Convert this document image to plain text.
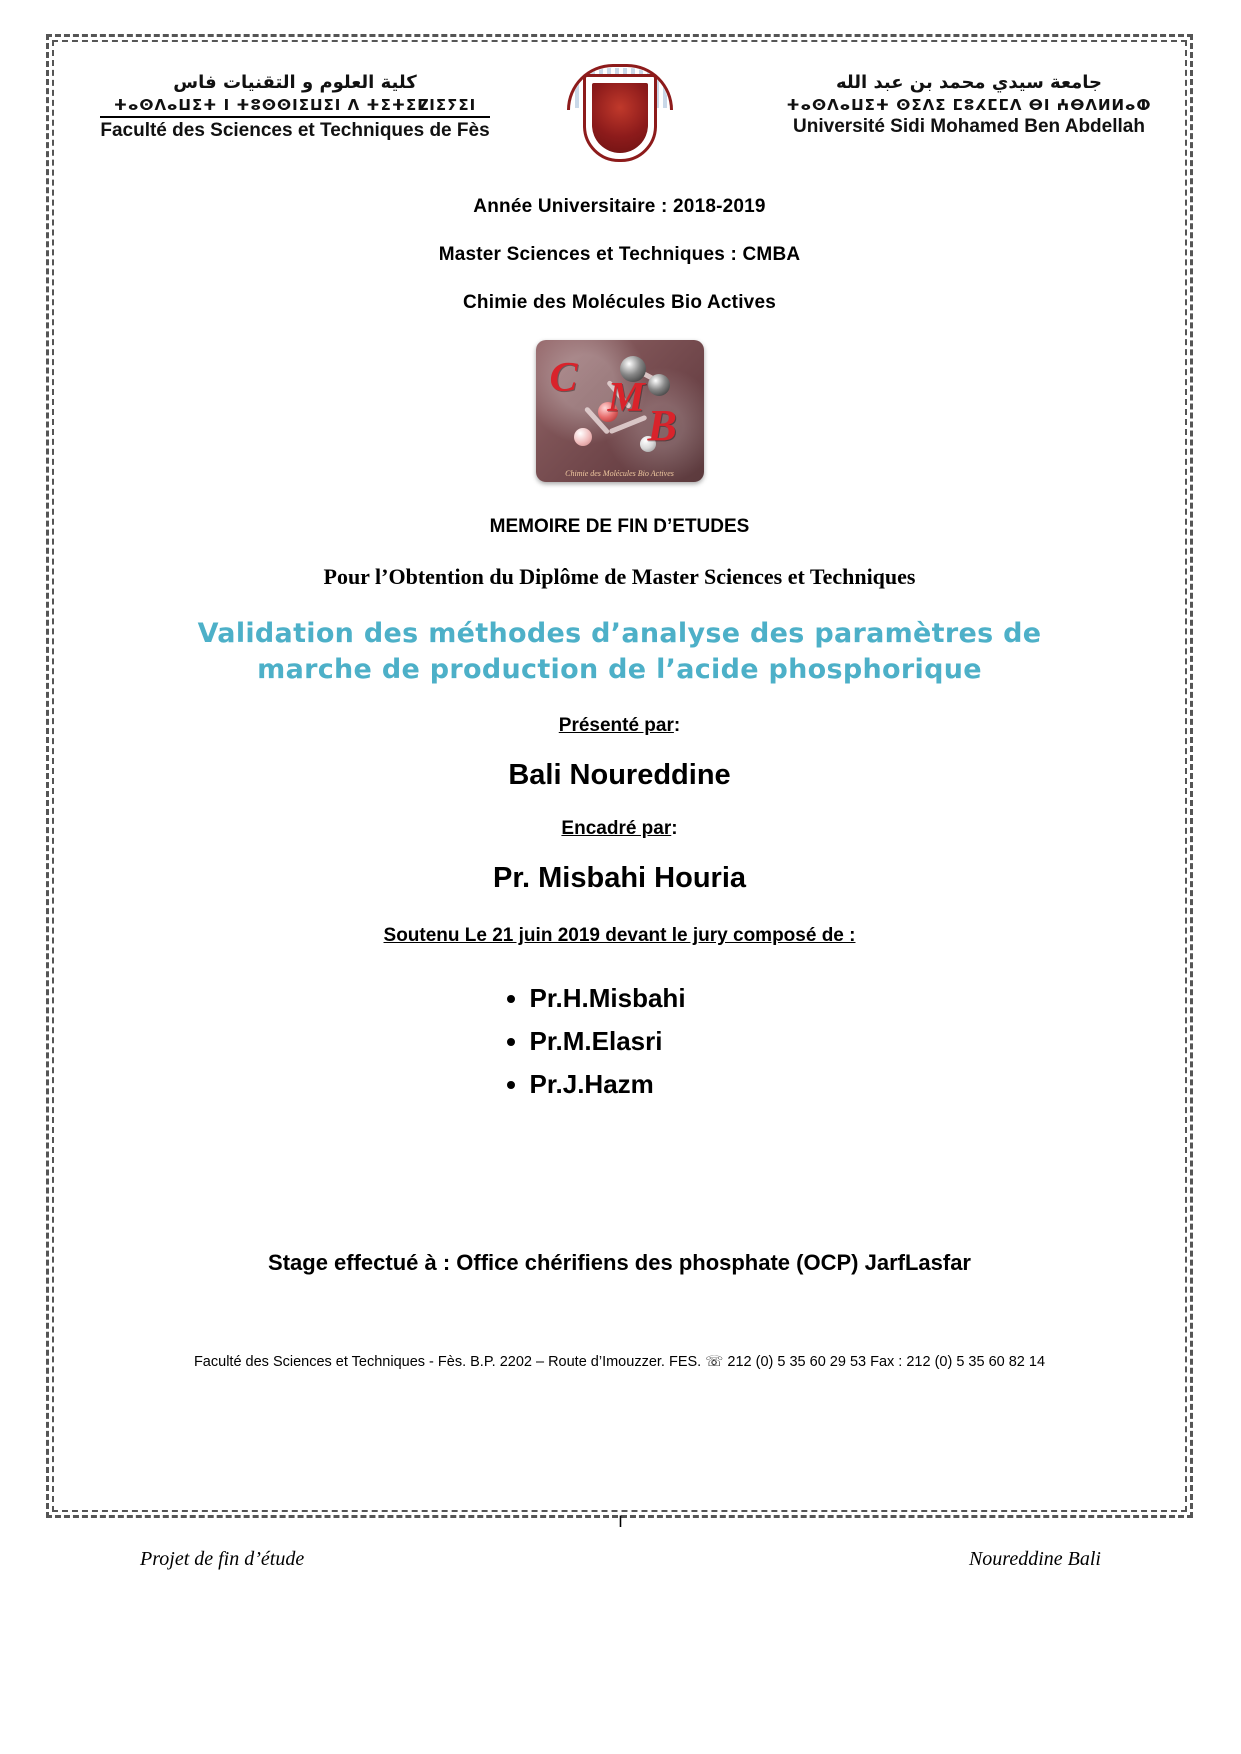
كلية العلوم و التقنيات فاس
ⵜⴰⵙⴷⴰⵡⵉⵜ ⵏ ⵜⵓⵙⵙⵏⵉⵡⵉⵏ ⴷ ⵜⵉⵜⵉⵇⵏⵉⵢⵉⵏ
Faculté des Sciences et Techniques de Fès
جامعة سيدي محمد بن عبد الله
ⵜⴰⵙⴷⴰⵡⵉⵜ ⵙⵉⴷⵉ ⵎⵓⵃⵎⵎⴷ ⴱⵏ ⵄⴱⴷⵍⵍⴰⵀ
Université Sidi Mohamed Ben Abdellah

Année Universitaire : 2018-2019

Master Sciences et Techniques : CMBA

Chimie des Molécules Bio Actives

C M
B
Chimie des Molécules Bio Actives

MEMOIRE DE FIN D’ETUDES

Pour l’Obtention du Diplôme de Master Sciences et Techniques

Validation des méthodes d’analyse des paramètres de marche de production de l’acide phosphorique

Présenté par:

Bali Noureddine

Encadré par:

Pr. Misbahi Houria

Soutenu Le 21 juin 2019 devant le jury composé de :

• Pr.H.Misbahi
• Pr.M.Elasri
• Pr.J.Hazm

Stage effectué à : Office chérifiens des phosphate (OCP) JarfLasfar

Faculté des Sciences et Techniques - Fès. B.P. 2202 – Route d’Imouzzer. FES. ☏ 212 (0) 5 35 60 29 53 Fax : 212 (0) 5 35 60 82 14

I
Projet de fin d’étude	Noureddine Bali
